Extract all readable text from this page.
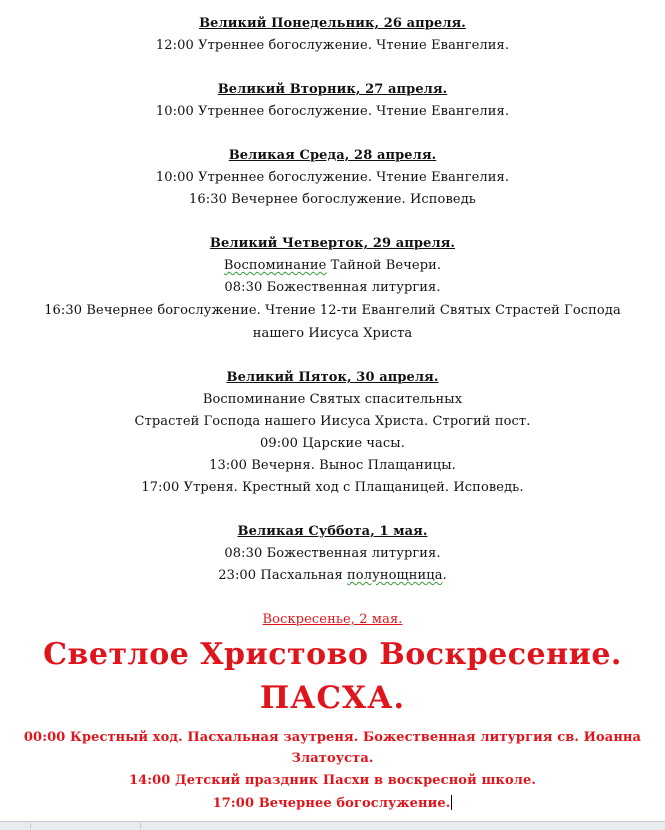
Великий Понедельник, 26 апреля.
12:00 Утреннее богослужение. Чтение Евангелия.
Великий Вторник, 27 апреля.
10:00 Утреннее богослужение. Чтение Евангелия.
Великая Среда, 28 апреля.
10:00 Утреннее богослужение. Чтение Евангелия.
16:30 Вечернее богослужение. Исповедь
Великий Четверток, 29 апреля.
Воспоминание Тайной Вечери.
08:30 Божественная литургия.
16:30 Вечернее богослужение. Чтение 12-ти Евангелий Святых Страстей Господа
нашего Иисуса Христа
Великий Пяток, 30 апреля.
Воспоминание Святых спасительных
Страстей Господа нашего Иисуса Христа. Строгий пост.
09:00 Царские часы.
13:00 Вечерня. Вынос Плащаницы.
17:00 Утреня. Крестный ход с Плащаницей. Исповедь.
Великая Суббота, 1 мая.
08:30 Божественная литургия.
23:00 Пасхальная полунощница.
Воскресенье, 2 мая.
Светлое Христово Воскресение.
ПАСХА.
00:00 Крестный ход. Пасхальная заутреня. Божественная литургия св. Иоанна
Златоуста.
14:00 Детский праздник Пасхи в воскресной школе.
17:00 Вечернее богослужение.
